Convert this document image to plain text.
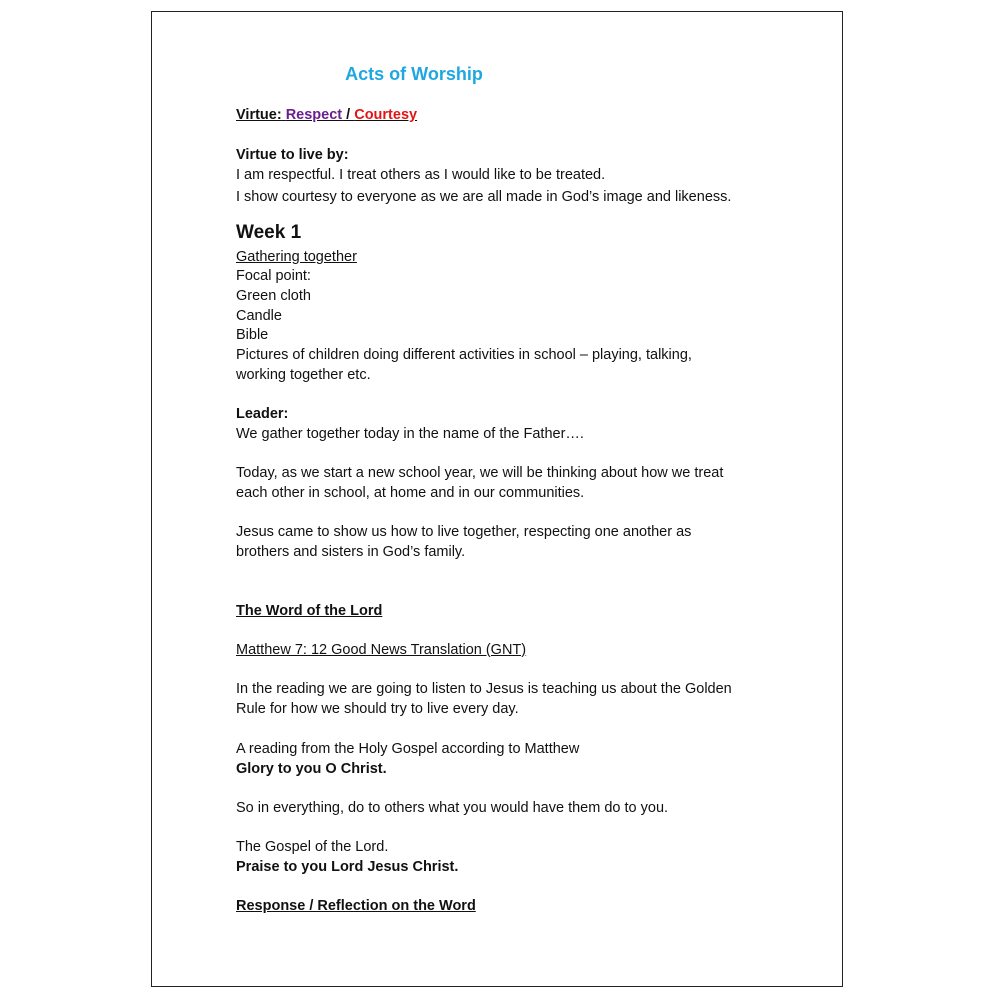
Acts of Worship
Virtue: Respect / Courtesy
Virtue to live by:
I am respectful. I treat others as I would like to be treated.
I show courtesy to everyone as we are all made in God’s image and likeness.
Week 1
Gathering together
Focal point:
Green cloth
Candle
Bible
Pictures of children doing different activities in school – playing, talking,
working together etc.
Leader:
We gather together today in the name of the Father….
Today, as we start a new school year, we will be thinking about how we treat
each other in school, at home and in our communities.
Jesus came to show us how to live together, respecting one another as
brothers and sisters in God’s family.
The Word of the Lord
Matthew 7: 12 Good News Translation (GNT)
In the reading we are going to listen to Jesus is teaching us about the Golden
Rule for how we should try to live every day.
A reading from the Holy Gospel according to Matthew
Glory to you O Christ.
So in everything, do to others what you would have them do to you.
The Gospel of the Lord.
Praise to you Lord Jesus Christ.
Response / Reflection on the Word
